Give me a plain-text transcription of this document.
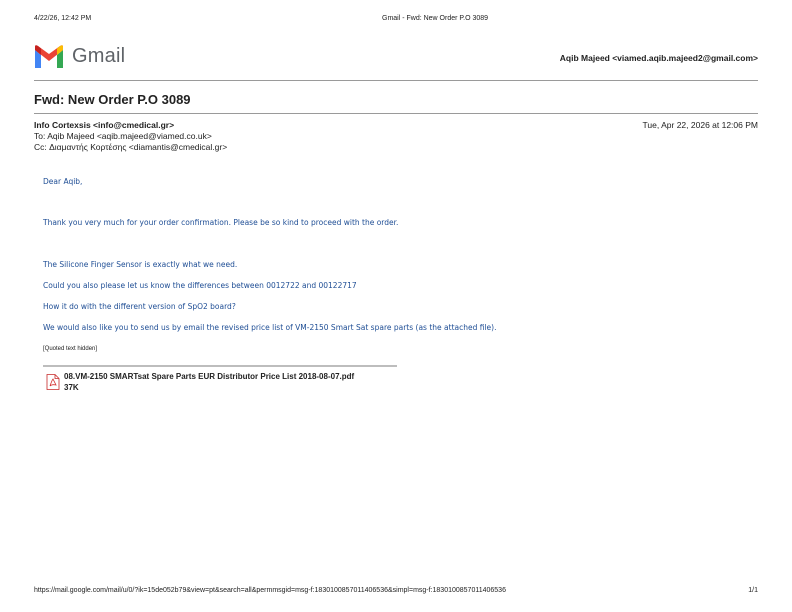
4/22/26, 12:42 PM	Gmail - Fwd: New Order P.O 3089
Gmail	Aqib Majeed <viamed.aqib.majeed2@gmail.com>
Fwd: New Order P.O 3089
Info Cortexsis <info@cmedical.gr>	Tue, Apr 22, 2026 at 12:06 PM
To: Aqib Majeed <aqib.majeed@viamed.co.uk>
Cc: Διαμαντής Κορτέσης <diamantis@cmedical.gr>
Dear Aqib,
Thank you very much for your order confirmation. Please be so kind to proceed with the order.
The Silicone Finger Sensor is exactly what we need.
Could you also please let us know the differences between 0012722 and 00122717
How it do with the different version of SpO2 board?
We would also like you to send us by email the revised price list of VM-2150 Smart Sat spare parts (as the attached file).
[Quoted text hidden]
08.VM-2150 SMARTsat Spare Parts EUR Distributor Price List 2018-08-07.pdf
37K
https://mail.google.com/mail/u/0/?ik=15de052b79&view=pt&search=all&permmsgid=msg-f:1830100857011406536&simpl=msg-f:1830100857011406536	1/1
